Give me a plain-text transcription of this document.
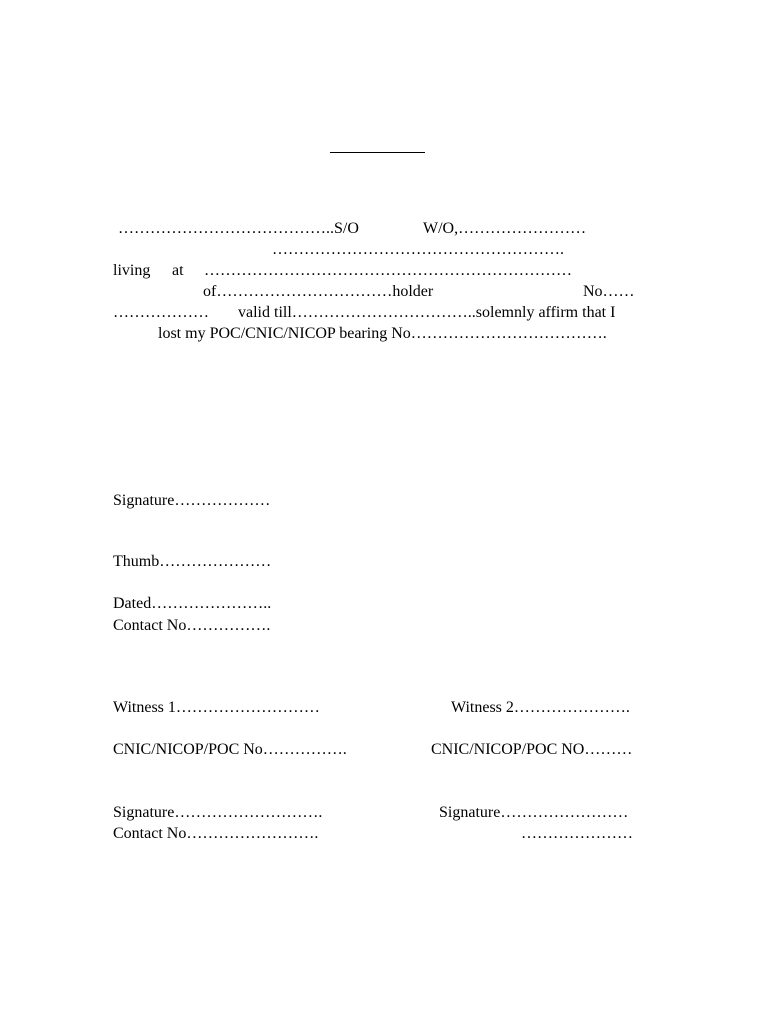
…………………………………..S/O	W/O,……………………
……………………………………………….
living at ……………………………………………………………
of……………………………holder	No……
……………… valid till……………………………..solemnly affirm that I
lost my POC/CNIC/NICOP bearing No……………………………….
Signature………………
Thumb…………………
Dated…………………..
Contact No…………….
Witness 1………………………	Witness 2………………….
CNIC/NICOP/POC No…………….	CNIC/NICOP/POC NO………
Signature……………………….	Signature……………………
Contact No…………………….	…………………
